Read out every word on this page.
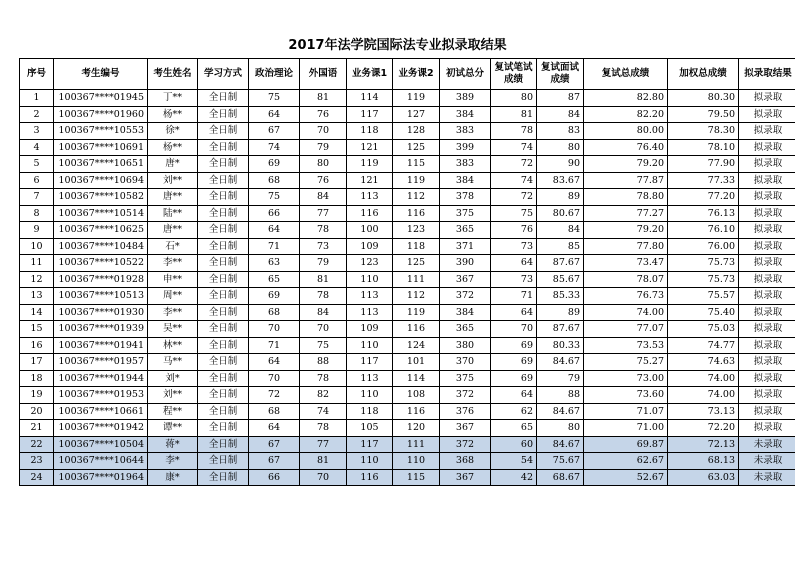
2017年法学院国际法专业拟录取结果
序号	考生编号	考生姓名	学习方式	政治理论	外国语	业务课1	业务课2	初试总分	复试笔试成绩	复试面试成绩	复试总成绩	加权总成绩	拟录取结果
1	100367****01945	丁**	全日制	75	81	114	119	389	80	87	82.80	80.30	拟录取
2	100367****01960	杨**	全日制	64	76	117	127	384	81	84	82.20	79.50	拟录取
3	100367****10553	徐*	全日制	67	70	118	128	383	78	83	80.00	78.30	拟录取
4	100367****10691	杨**	全日制	74	79	121	125	399	74	80	76.40	78.10	拟录取
5	100367****10651	唐*	全日制	69	80	119	115	383	72	90	79.20	77.90	拟录取
6	100367****10694	刘**	全日制	68	76	121	119	384	74	83.67	77.87	77.33	拟录取
7	100367****10582	唐**	全日制	75	84	113	112	378	72	89	78.80	77.20	拟录取
8	100367****10514	陆**	全日制	66	77	116	116	375	75	80.67	77.27	76.13	拟录取
9	100367****10625	唐**	全日制	64	78	100	123	365	76	84	79.20	76.10	拟录取
10	100367****10484	石*	全日制	71	73	109	118	371	73	85	77.80	76.00	拟录取
11	100367****10522	李**	全日制	63	79	123	125	390	64	87.67	73.47	75.73	拟录取
12	100367****01928	申**	全日制	65	81	110	111	367	73	85.67	78.07	75.73	拟录取
13	100367****10513	周**	全日制	69	78	113	112	372	71	85.33	76.73	75.57	拟录取
14	100367****01930	李**	全日制	68	84	113	119	384	64	89	74.00	75.40	拟录取
15	100367****01939	吴**	全日制	70	70	109	116	365	70	87.67	77.07	75.03	拟录取
16	100367****01941	林**	全日制	71	75	110	124	380	69	80.33	73.53	74.77	拟录取
17	100367****01957	马**	全日制	64	88	117	101	370	69	84.67	75.27	74.63	拟录取
18	100367****01944	刘*	全日制	70	78	113	114	375	69	79	73.00	74.00	拟录取
19	100367****01953	刘**	全日制	72	82	110	108	372	64	88	73.60	74.00	拟录取
20	100367****10661	程**	全日制	68	74	118	116	376	62	84.67	71.07	73.13	拟录取
21	100367****01942	谭**	全日制	64	78	105	120	367	65	80	71.00	72.20	拟录取
22	100367****10504	蒋*	全日制	67	77	117	111	372	60	84.67	69.87	72.13	未录取
23	100367****10644	李*	全日制	67	81	110	110	368	54	75.67	62.67	68.13	未录取
24	100367****01964	康*	全日制	66	70	116	115	367	42	68.67	52.67	63.03	未录取
